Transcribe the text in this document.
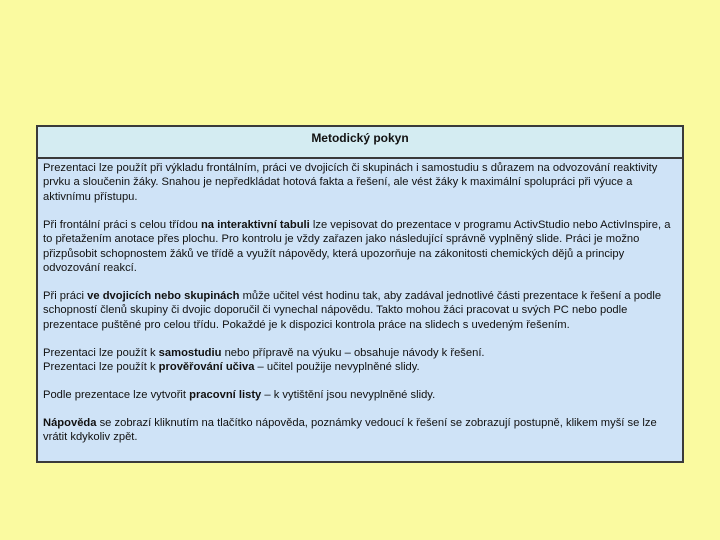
Metodický pokyn

Prezentaci lze použít při výkladu frontálním, práci ve dvojicích či skupinách i samostudiu s důrazem na odvozování reaktivity prvku a sloučenin žáky. Snahou je nepředkládat hotová fakta a řešení, ale vést žáky k maximální spolupráci při výuce a aktivnímu přístupu.

Při frontální práci s celou třídou na interaktivní tabuli lze vepisovat do prezentace v programu ActivStudio nebo ActivInspire, a to přetažením anotace přes plochu. Pro kontrolu je vždy zařazen jako následující správně vyplněný slide. Práci je možno přizpůsobit schopnostem žáků ve třídě a využít nápovědy, která upozorňuje na zákonitosti chemických dějů a principy odvozování reakcí.

Při práci ve dvojicích nebo skupinách může učitel vést hodinu tak, aby zadával jednotlivé části prezentace k řešení a podle schopností členů skupiny či dvojic doporučil či vynechal nápovědu. Takto mohou žáci pracovat u svých PC nebo podle prezentace puštěné pro celou třídu. Pokaždé je k dispozici kontrola práce na slidech s uvedeným řešením.

Prezentaci lze použít k samostudiu nebo přípravě na výuku – obsahuje návody k řešení.
Prezentaci lze použít k prověřování učiva – učitel použije nevyplněné slidy.

Podle prezentace lze vytvořit pracovní listy – k vytištění jsou nevyplněné slidy.

Nápověda se zobrazí kliknutím na tlačítko nápověda, poznámky vedoucí k řešení se zobrazují postupně, klikem myší se lze vrátit kdykoliv zpět.
